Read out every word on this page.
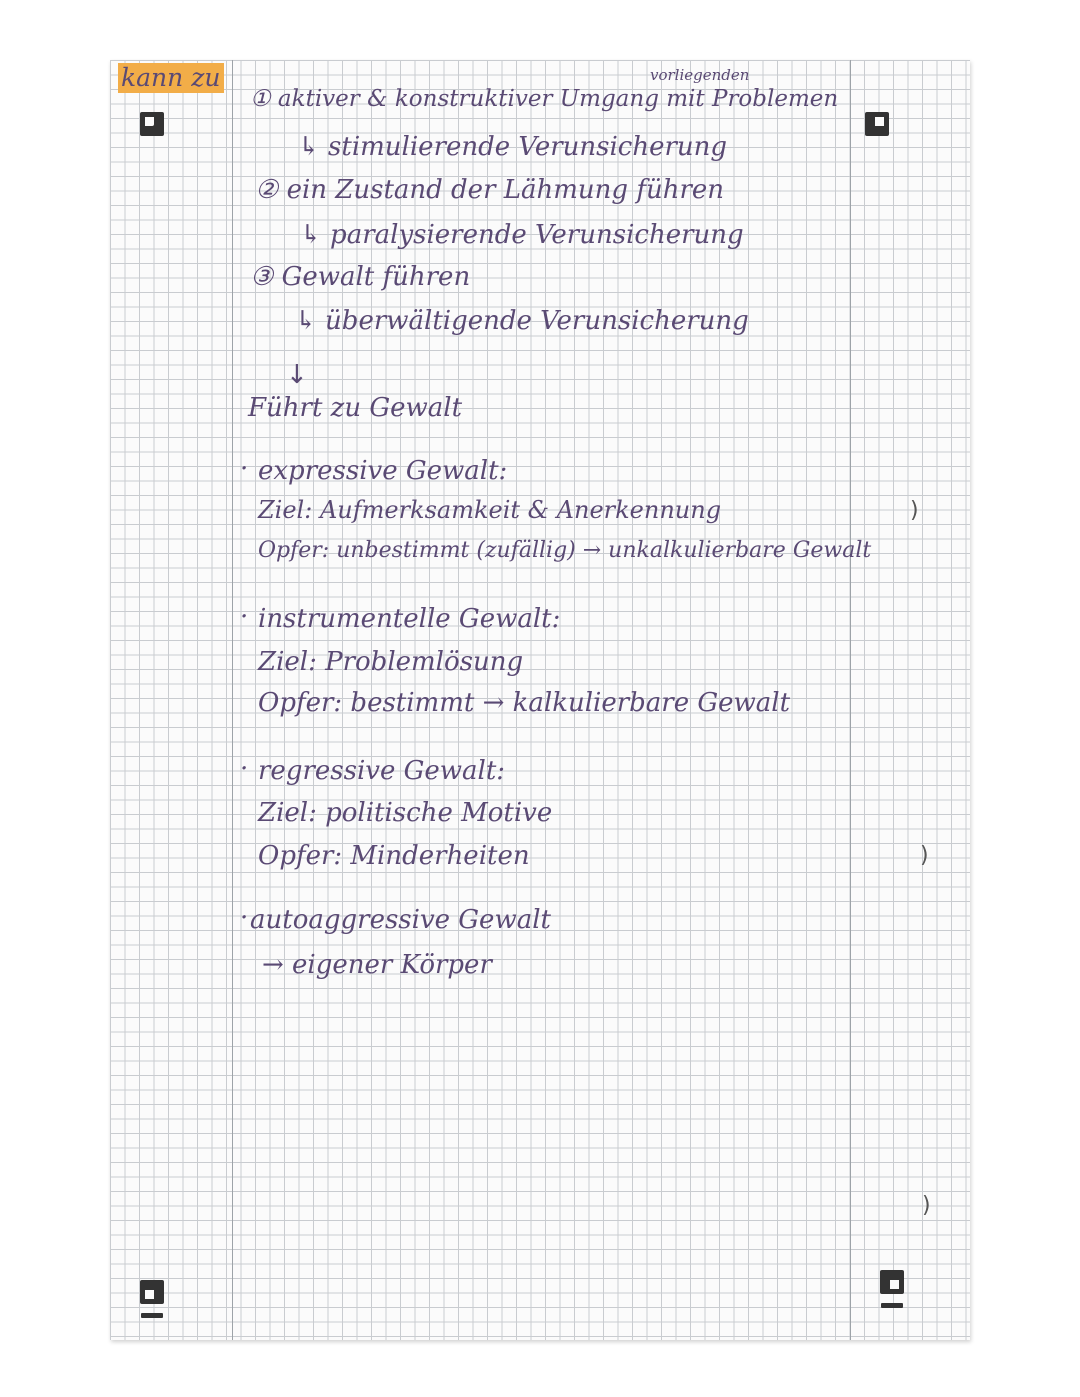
)
)
)
kann zu	vorliegenden
① aktiver & konstruktiver Umgang mit Problemen
↳ stimulierende Verunsicherung
② ein Zustand der Lähmung führen
↳ paralysierende Verunsicherung
③ Gewalt führen
↳ überwältigende Verunsicherung
↓
Führt zu Gewalt
· expressive Gewalt:
Ziel: Aufmerksamkeit & Anerkennung
Opfer: unbestimmt (zufällig) → unkalkulierbare Gewalt
· instrumentelle Gewalt:
Ziel: Problemlösung
Opfer: bestimmt → kalkulierbare Gewalt
· regressive Gewalt:
Ziel: politische Motive
Opfer: Minderheiten
· autoaggressive Gewalt
→ eigener Körper
